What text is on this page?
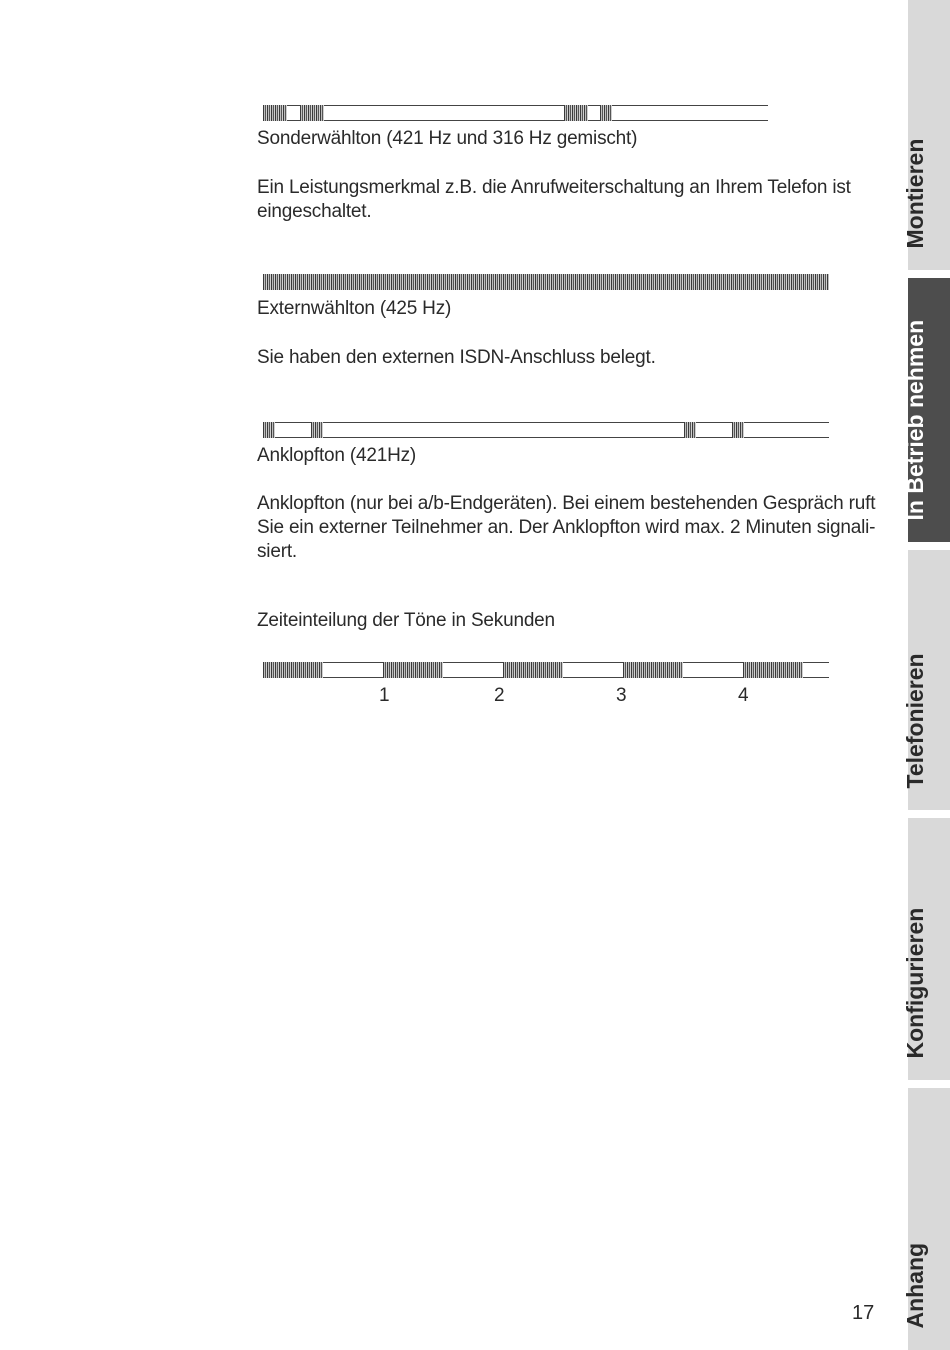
Sonderwählton (421 Hz und 316 Hz gemischt)
Ein Leistungsmerkmal z.B. die Anrufweiterschaltung an Ihrem Telefon ist eingeschaltet.
Externwählton (425 Hz)
Sie haben den externen ISDN-Anschluss belegt.
Anklopfton (421Hz)
Anklopfton (nur bei a/b-Endgeräten). Bei einem bestehenden Gespräch ruft Sie ein externer Teilnehmer an. Der Anklopfton wird max. 2 Minuten signali-siert.
Zeiteinteilung der Töne in Sekunden
1	2	3	4
Montieren
In Betrieb nehmen
Telefonieren
Konfigurieren
Anhang
17
